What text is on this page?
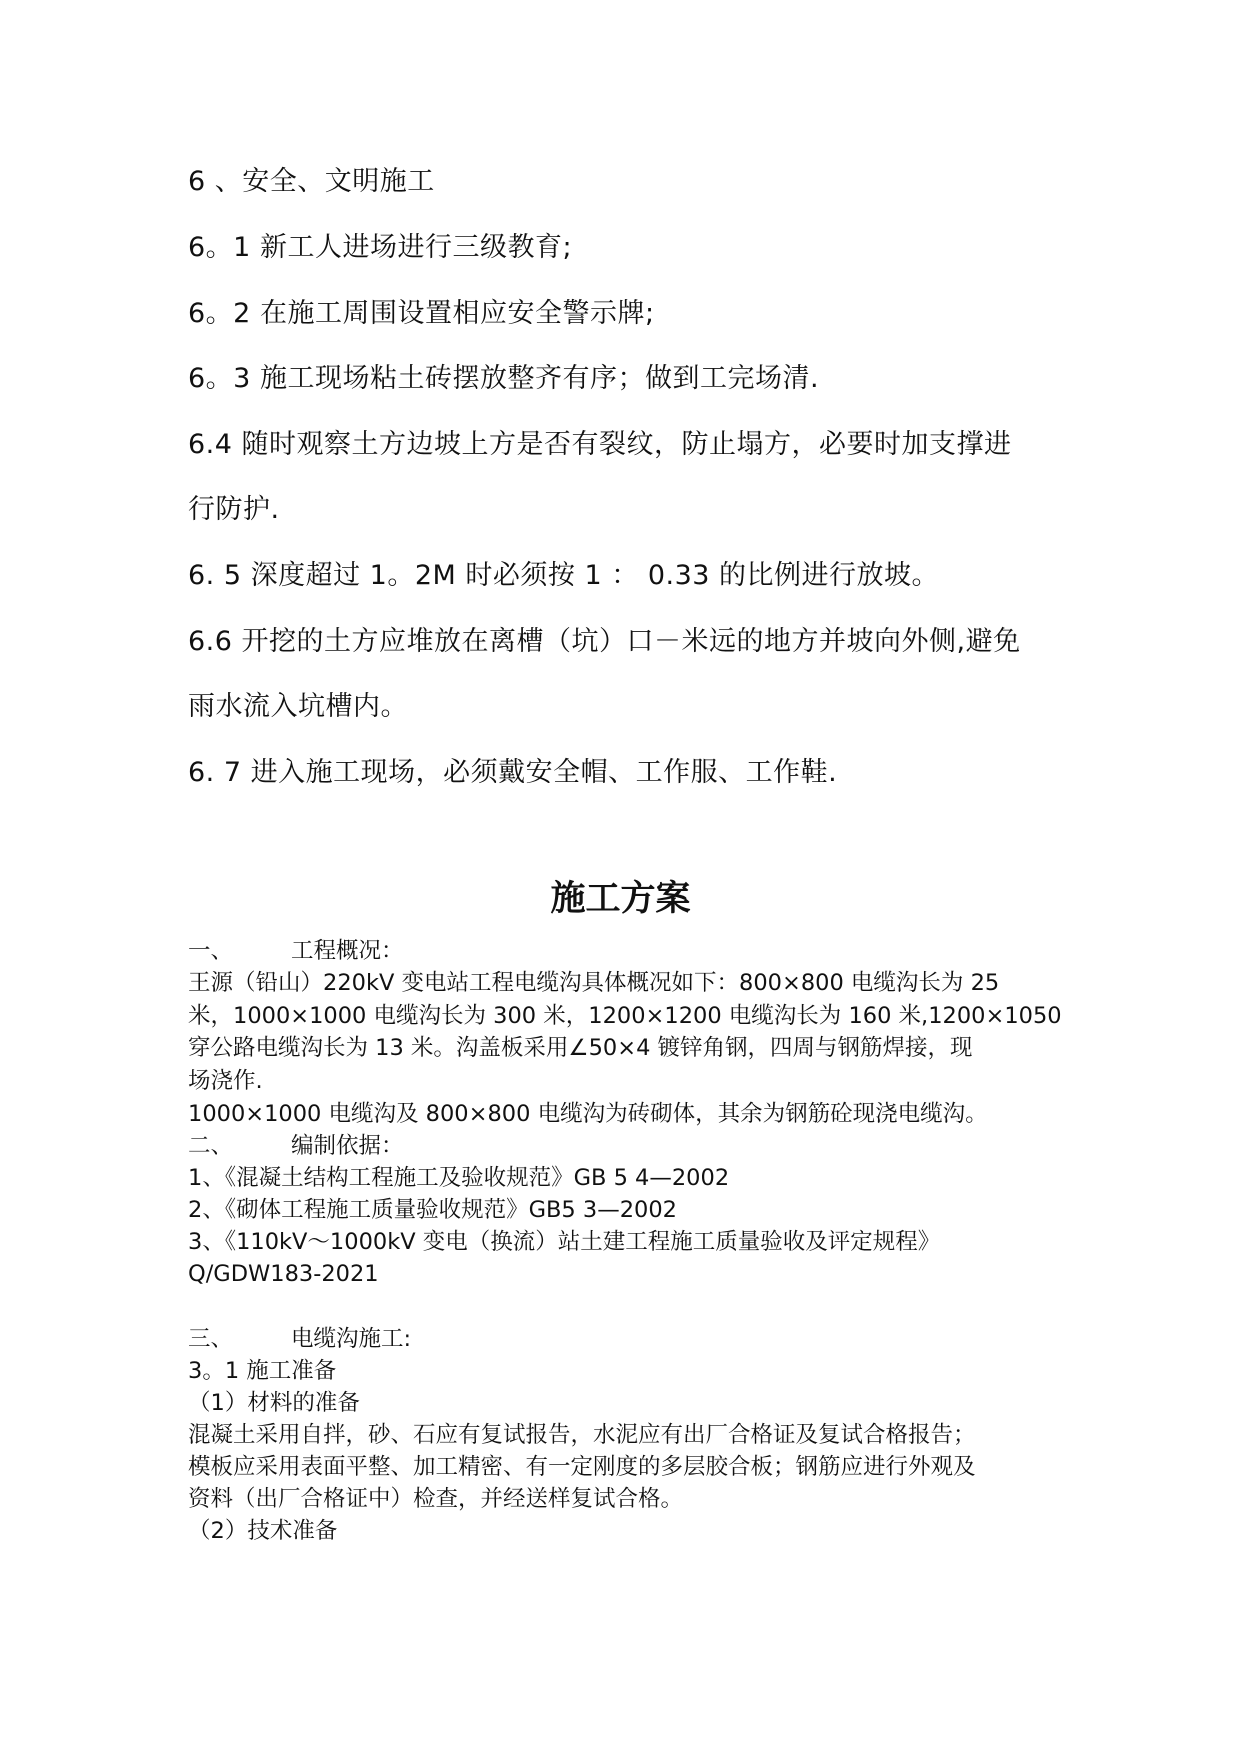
6 、安全、文明施工
6。1 新工人进场进行三级教育;
6。2 在施工周围设置相应安全警示牌;
6。3 施工现场粘土砖摆放整齐有序；做到工完场清.
6.4 随时观察土方边坡上方是否有裂纹，防止塌方，必要时加支撑进
行防护.
6. 5 深度超过 1。2M 时必须按 1 ： 0.33 的比例进行放坡。
6.6 开挖的土方应堆放在离槽（坑）口－米远的地方并坡向外侧,避免
雨水流入坑槽内。
6. 7 进入施工现场，必须戴安全帽、工作服、工作鞋.
施工方案
一、	工程概况：
王源（铅山）220kV 变电站工程电缆沟具体概况如下：800×800 电缆沟长为 25
米，1000×1000 电缆沟长为 300 米，1200×1200 电缆沟长为 160 米,1200×1050
穿公路电缆沟长为 13 米。沟盖板采用∠50×4 镀锌角钢，四周与钢筋焊接，现
场浇作.
1000×1000 电缆沟及 800×800 电缆沟为砖砌体，其余为钢筋砼现浇电缆沟。
二、	编制依据：
1、《混凝土结构工程施工及验收规范》GB 5 4—2002
2、《砌体工程施工质量验收规范》GB5 3—2002
3、《110kV～1000kV 变电（换流）站土建工程施工质量验收及评定规程》
Q/GDW183-2021
三、	电缆沟施工:
3。1 施工准备
（1）材料的准备
混凝土采用自拌，砂、石应有复试报告，水泥应有出厂合格证及复试合格报告；
模板应采用表面平整、加工精密、有一定刚度的多层胶合板；钢筋应进行外观及
资料（出厂合格证中）检查，并经送样复试合格。
（2）技术准备
